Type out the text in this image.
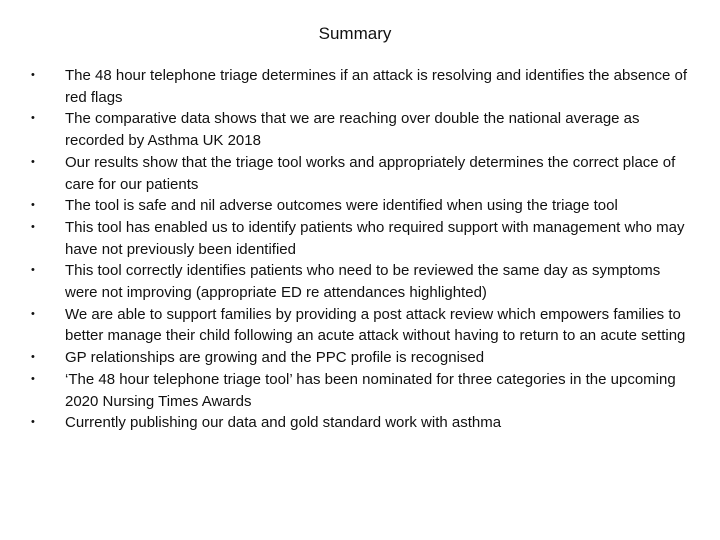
Summary
• The 48 hour telephone triage determines if an attack is resolving and identifies the absence of red flags
• The comparative data shows that we are reaching over double the national average as recorded by Asthma UK 2018
• Our results show that the triage tool works and appropriately determines the correct place of care for our patients
• The tool is safe and nil adverse outcomes were identified when using the triage tool
• This tool has enabled us to identify patients who required support with management who may have not previously been identified
• This tool correctly identifies patients who need to be reviewed the same day as symptoms were not improving (appropriate ED re attendances highlighted)
• We are able to support families by providing a post attack review which empowers families to better manage their child following an acute attack without having to return to an acute setting
• GP relationships are growing and the PPC profile is recognised
• ‘The 48 hour telephone triage tool’ has been nominated for three categories in the upcoming 2020 Nursing Times Awards
• Currently publishing our data and gold standard work with asthma
